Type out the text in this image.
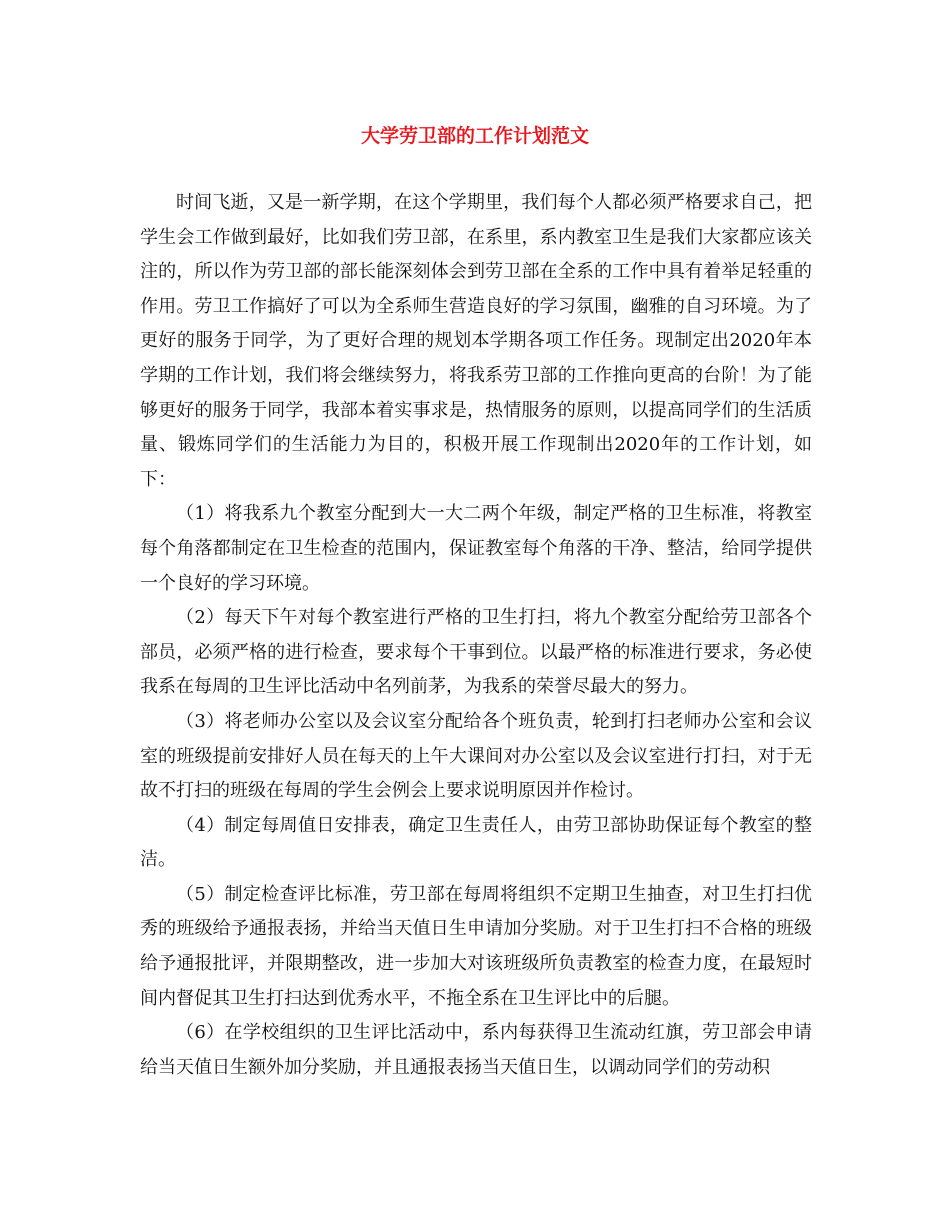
大学劳卫部的工作计划范文

时间飞逝，又是一新学期，在这个学期里，我们每个人都必须严格要求自己，把学生会工作做到最好，比如我们劳卫部，在系里，系内教室卫生是我们大家都应该关注的，所以作为劳卫部的部长能深刻体会到劳卫部在全系的工作中具有着举足轻重的作用。劳卫工作搞好了可以为全系师生营造良好的学习氛围，幽雅的自习环境。为了更好的服务于同学，为了更好合理的规划本学期各项工作任务。现制定出2020年本学期的工作计划，我们将会继续努力，将我系劳卫部的工作推向更高的台阶！为了能够更好的服务于同学，我部本着实事求是，热情服务的原则，以提高同学们的生活质量、锻炼同学们的生活能力为目的，积极开展工作现制出2020年的工作计划，如下：

（1）将我系九个教室分配到大一大二两个年级，制定严格的卫生标准，将教室每个角落都制定在卫生检查的范围内，保证教室每个角落的干净、整洁，给同学提供一个良好的学习环境。

（2）每天下午对每个教室进行严格的卫生打扫，将九个教室分配给劳卫部各个部员，必须严格的进行检查，要求每个干事到位。以最严格的标准进行要求，务必使我系在每周的卫生评比活动中名列前茅，为我系的荣誉尽最大的努力。

（3）将老师办公室以及会议室分配给各个班负责，轮到打扫老师办公室和会议室的班级提前安排好人员在每天的上午大课间对办公室以及会议室进行打扫，对于无故不打扫的班级在每周的学生会例会上要求说明原因并作检讨。

（4）制定每周值日安排表，确定卫生责任人，由劳卫部协助保证每个教室的整洁。

（5）制定检查评比标准，劳卫部在每周将组织不定期卫生抽查，对卫生打扫优秀的班级给予通报表扬，并给当天值日生申请加分奖励。对于卫生打扫不合格的班级给予通报批评，并限期整改，进一步加大对该班级所负责教室的检查力度，在最短时间内督促其卫生打扫达到优秀水平，不拖全系在卫生评比中的后腿。

（6）在学校组织的卫生评比活动中，系内每获得卫生流动红旗，劳卫部会申请给当天值日生额外加分奖励，并且通报表扬当天值日生，以调动同学们的劳动积
